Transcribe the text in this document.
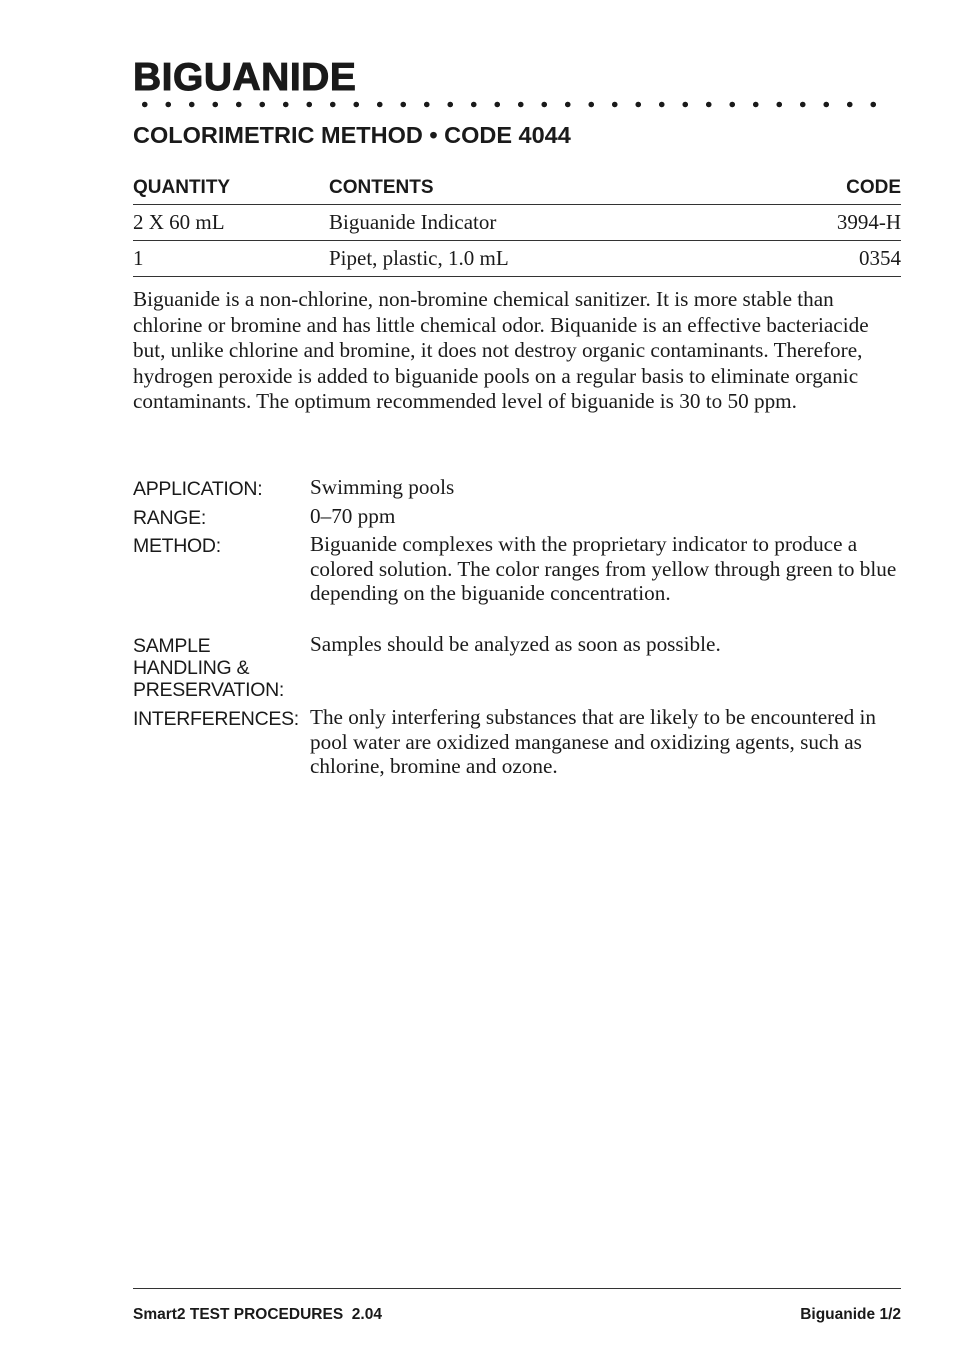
BIGUANIDE
COLORIMETRIC METHOD • CODE 4044
QUANTITY	CONTENTS	CODE
2 X 60 mL	Biguanide Indicator	3994-H
1	Pipet, plastic, 1.0 mL	0354

Biguanide is a non-chlorine, non-bromine chemical sanitizer. It is more stable than chlorine or bromine and has little chemical odor. Biquanide is an effective bacteriacide but, unlike chlorine and bromine, it does not destroy organic contaminants. Therefore, hydrogen peroxide is added to biguanide pools on a regular basis to eliminate organic contaminants. The optimum recommended level of biguanide is 30 to 50 ppm.

APPLICATION:	Swimming pools
RANGE:	0–70 ppm
METHOD:	Biguanide complexes with the proprietary indicator to produce a colored solution. The color ranges from yellow through green to blue depending on the biguanide concentration.
SAMPLE
HANDLING &
PRESERVATION:
Samples should be analyzed as soon as possible.
INTERFERENCES: The only interfering substances that are likely to be encountered in pool water are oxidized manganese and oxidizing agents, such as chlorine, bromine and ozone.
Smart2 TEST PROCEDURES  2.04	Biguanide 1/2
